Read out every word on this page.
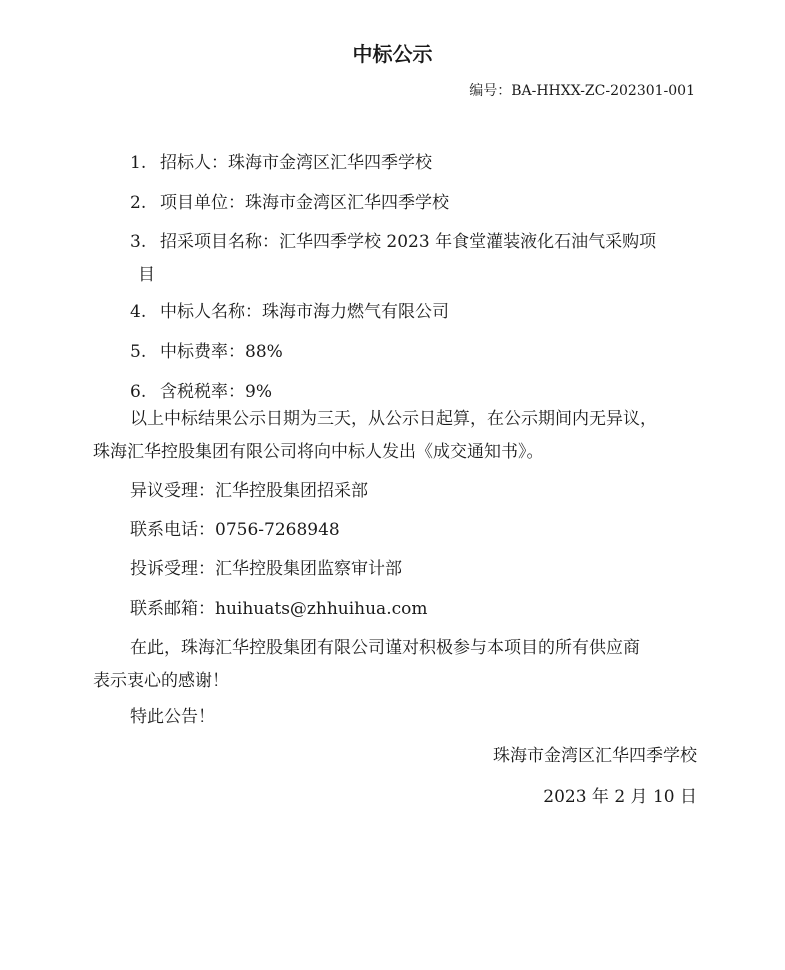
中标公示
编号：BA-HHXX-ZC-202301-001
1. 招标人：珠海市金湾区汇华四季学校
2. 项目单位：珠海市金湾区汇华四季学校
3. 招采项目名称：汇华四季学校 2023 年食堂灌装液化石油气采购项
目
4. 中标人名称：珠海市海力燃气有限公司
5. 中标费率：88%
6. 含税税率：9%
以上中标结果公示日期为三天，从公示日起算，在公示期间内无异议，
珠海汇华控股集团有限公司将向中标人发出《成交通知书》。
异议受理：汇华控股集团招采部
联系电话：0756-7268948
投诉受理：汇华控股集团监察审计部
联系邮箱：huihuats@zhhuihua.com
在此，珠海汇华控股集团有限公司谨对积极参与本项目的所有供应商
表示衷心的感谢！
特此公告！
珠海市金湾区汇华四季学校
2023 年 2 月 10 日
